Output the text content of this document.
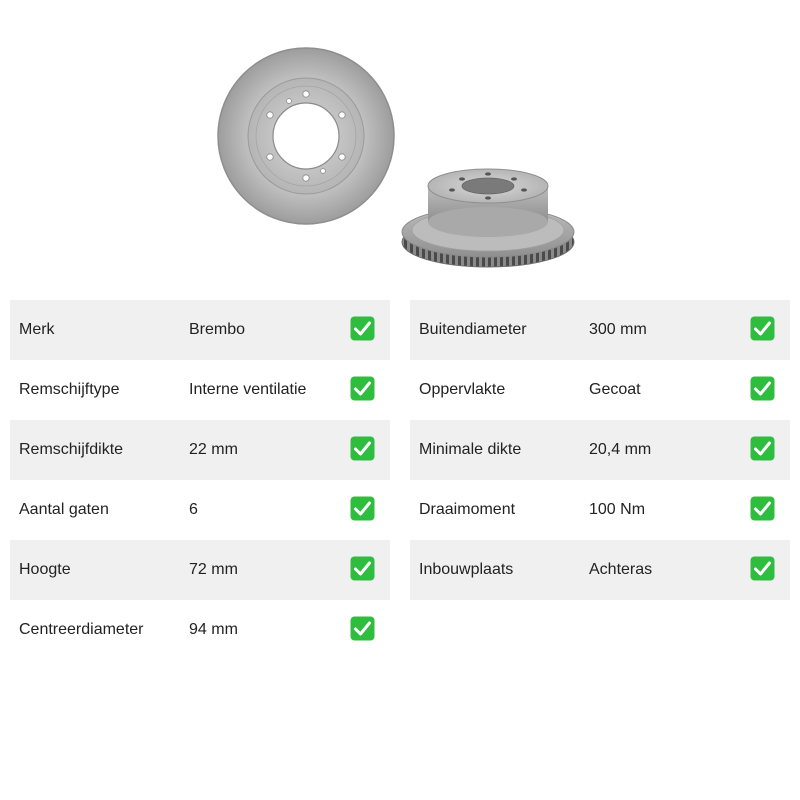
Merk	Brembo
Remschijftype	Interne ventilatie
Remschijfdikte	22 mm
Aantal gaten	6
Hoogte	72 mm
Centreerdiameter	94 mm
Buitendiameter	300 mm
Oppervlakte	Gecoat
Minimale dikte	20,4 mm
Draaimoment	100 Nm
Inbouwplaats	Achteras
